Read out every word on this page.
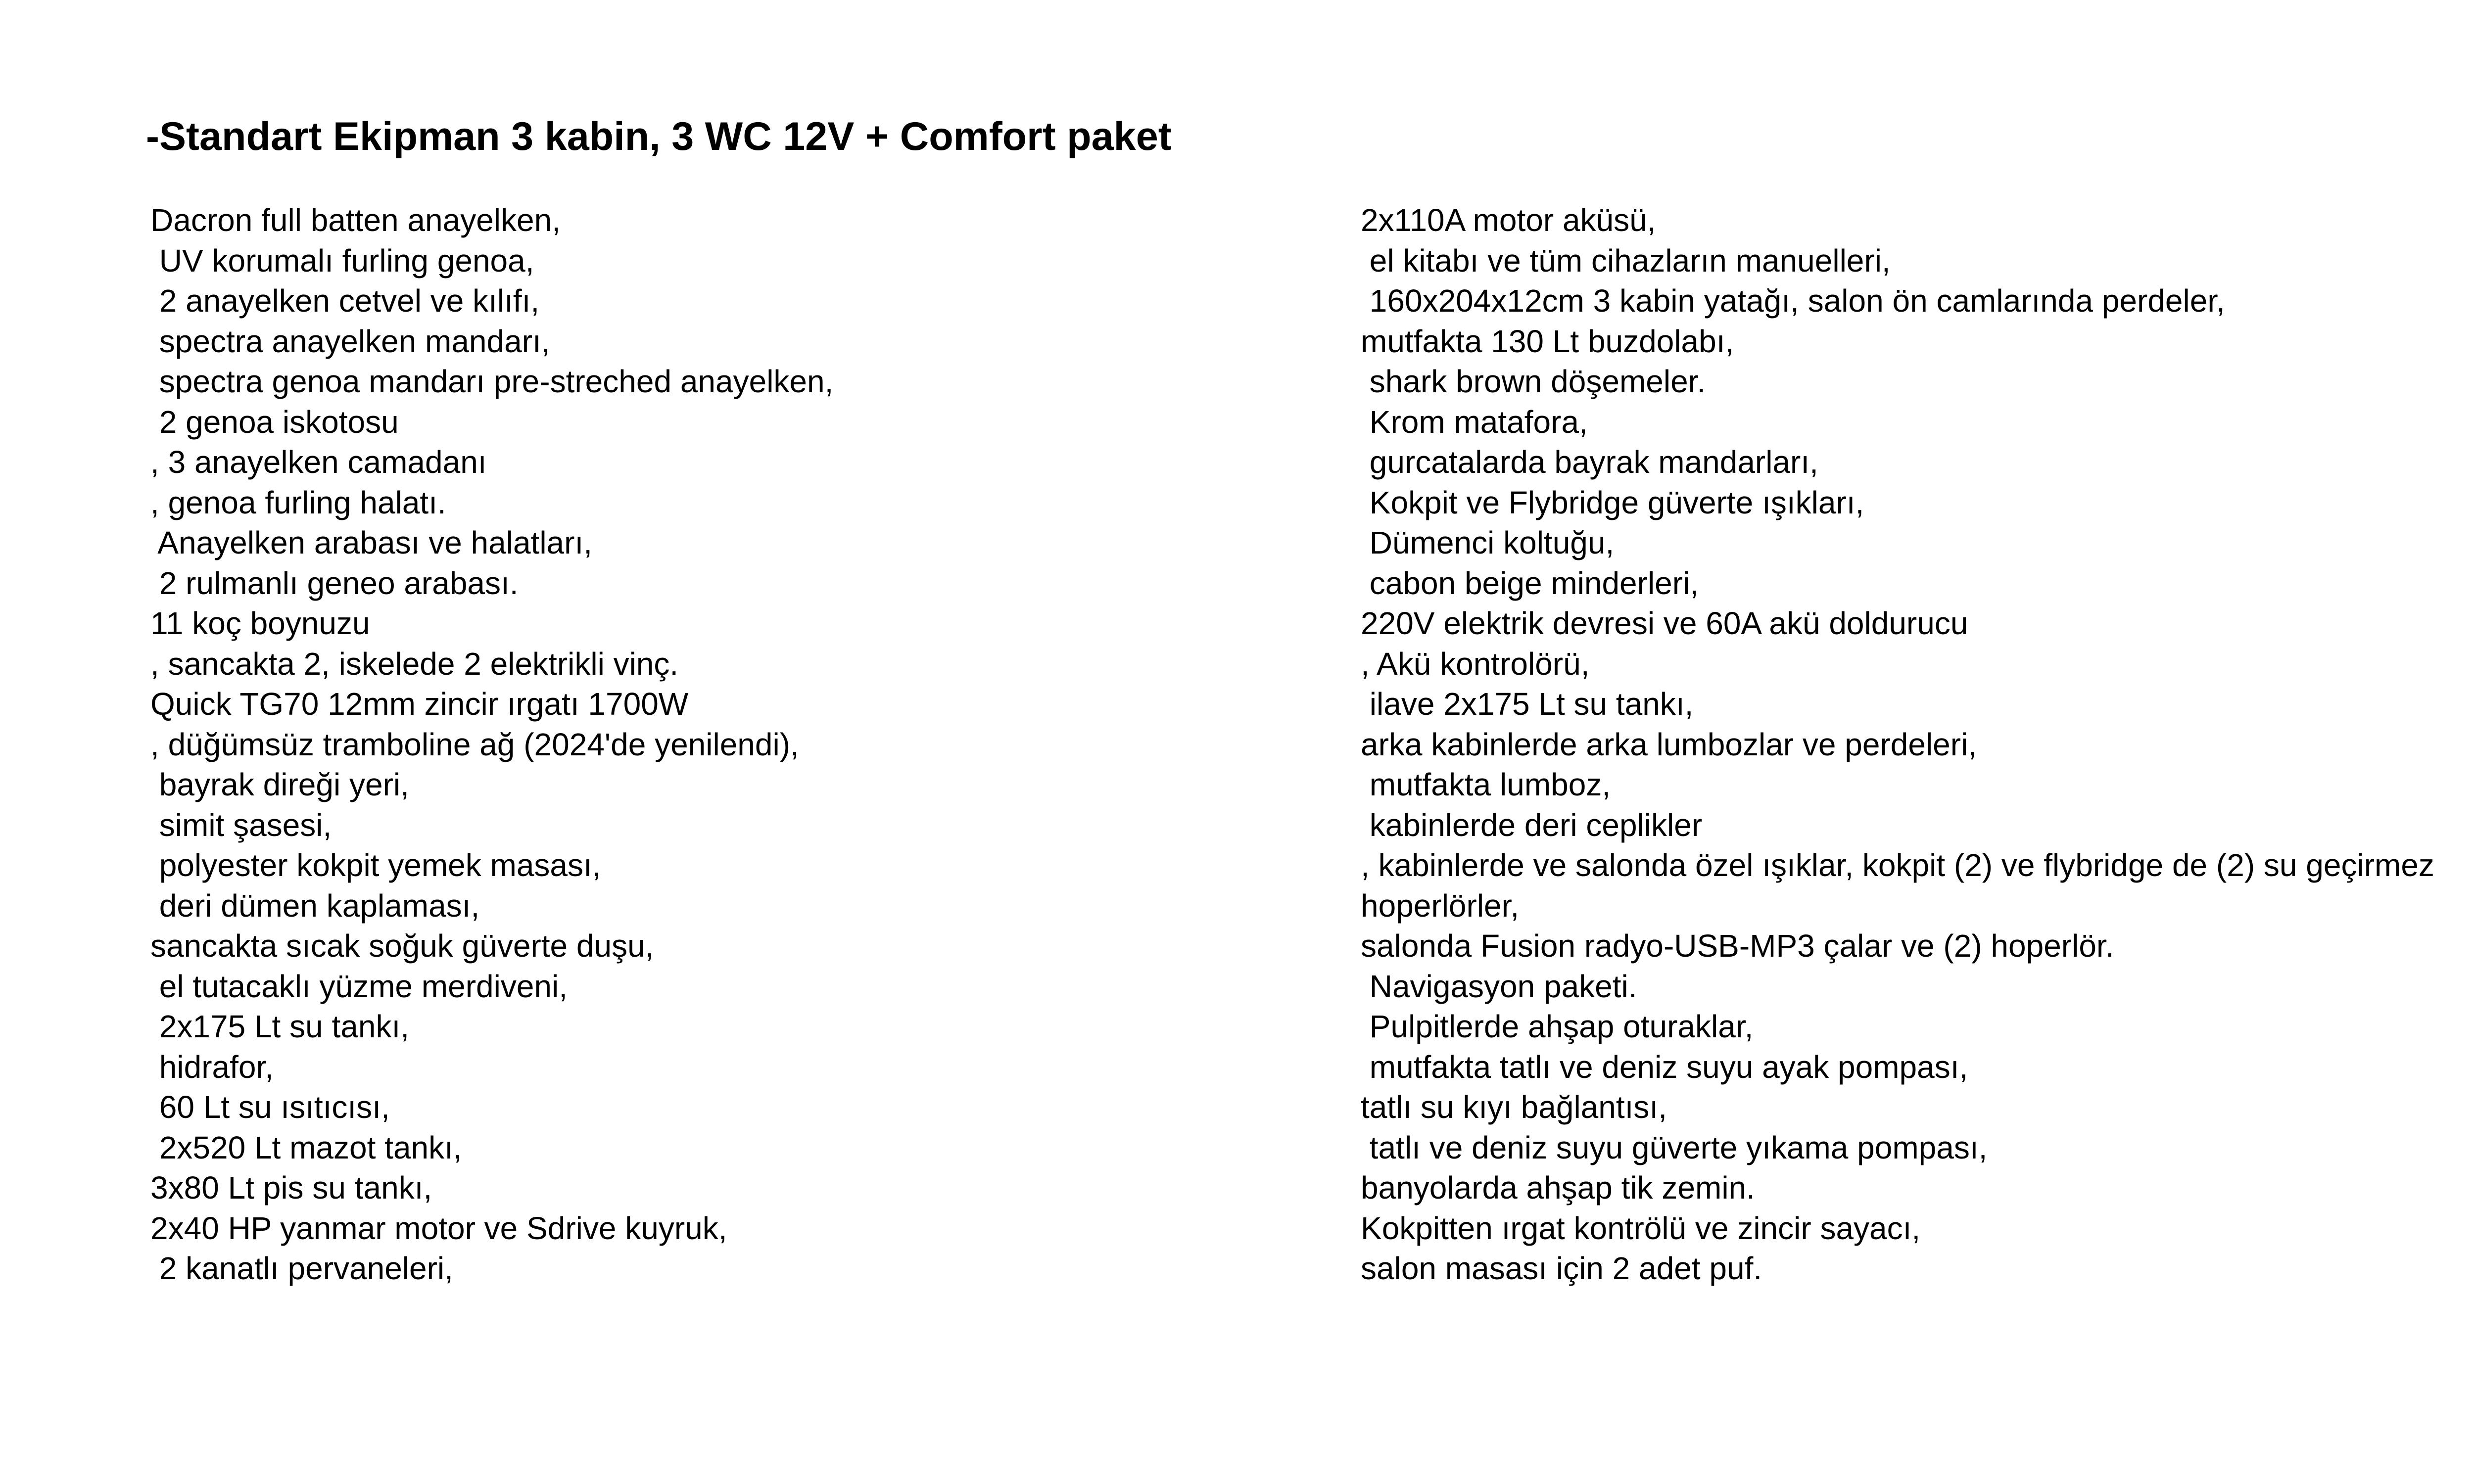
-Standart Ekipman 3 kabin, 3 WC 12V + Comfort paket
Dacron full batten anayelken,
UV korumalı furling genoa,
2 anayelken cetvel ve kılıfı,
spectra anayelken mandarı,
spectra genoa mandarı pre-streched anayelken,
2 genoa iskotosu
, 3 anayelken camadanı
, genoa furling halatı.
Anayelken arabası ve halatları,
2 rulmanlı geneo arabası.
11 koç boynuzu
, sancakta 2, iskelede 2 elektrikli vinç.
Quick TG70 12mm zincir ırgatı 1700W
, düğümsüz tramboline ağ (2024'de yenilendi),
bayrak direği yeri,
simit şasesi,
polyester kokpit yemek masası,
deri dümen kaplaması,
sancakta sıcak soğuk güverte duşu,
el tutacaklı yüzme merdiveni,
2x175 Lt su tankı,
hidrafor,
60 Lt su ısıtıcısı,
2x520 Lt mazot tankı,
3x80 Lt pis su tankı,
2x40 HP yanmar motor ve Sdrive kuyruk,
2 kanatlı pervaneleri,
2x110A motor aküsü,
el kitabı ve tüm cihazların manuelleri,
160x204x12cm 3 kabin yatağı, salon ön camlarında perdeler,
mutfakta 130 Lt buzdolabı,
shark brown döşemeler.
Krom matafora,
gurcatalarda bayrak mandarları,
Kokpit ve Flybridge güverte ışıkları,
Dümenci koltuğu,
cabon beige minderleri,
220V elektrik devresi ve 60A akü doldurucu
, Akü kontrolörü,
ilave 2x175 Lt su tankı,
arka kabinlerde arka lumbozlar ve perdeleri,
mutfakta lumboz,
kabinlerde deri ceplikler
, kabinlerde ve salonda özel ışıklar, kokpit (2) ve flybridge de (2) su geçirmez
hoperlörler,
salonda Fusion radyo-USB-MP3 çalar ve (2) hoperlör.
Navigasyon paketi.
Pulpitlerde ahşap oturaklar,
mutfakta tatlı ve deniz suyu ayak pompası,
tatlı su kıyı bağlantısı,
tatlı ve deniz suyu güverte yıkama pompası,
banyolarda ahşap tik zemin.
Kokpitten ırgat kontrölü ve zincir sayacı,
salon masası için 2 adet puf.
